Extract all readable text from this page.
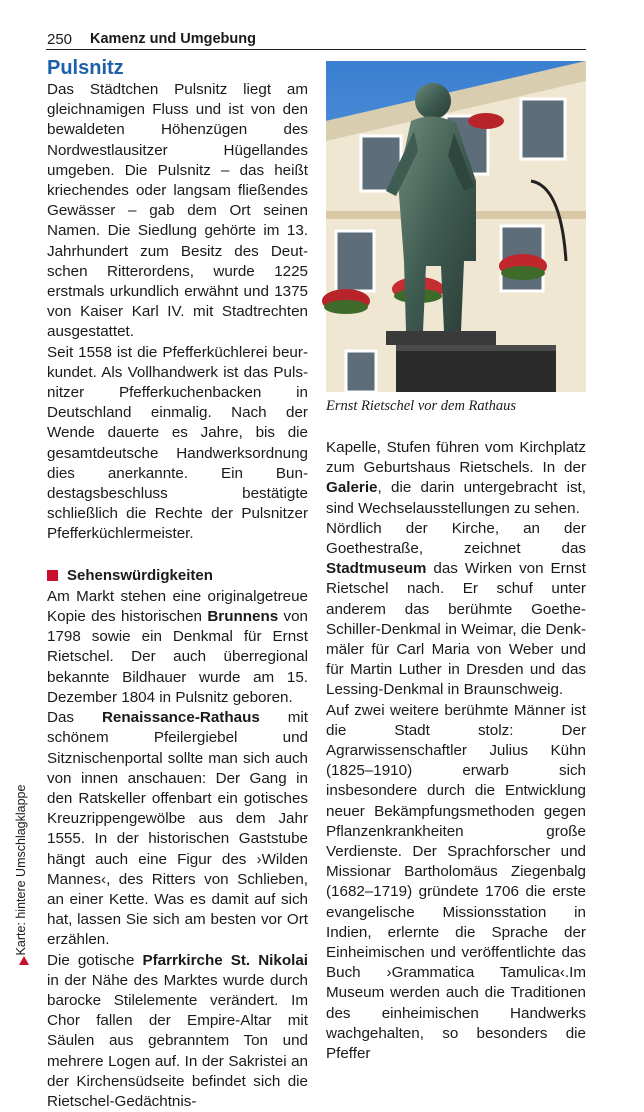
250 Kamenz und Umgebung
Pulsnitz

Das Städtchen Pulsnitz liegt am gleichnamigen Fluss und ist von den bewaldeten Höhenzügen des Nordwestlausitzer Hügellandes umgeben. Die Pulsnitz – das heißt kriechendes oder langsam fließendes Gewässer – gab dem Ort seinen Namen. Die Siedlung gehörte im 13. Jahrhundert zum Besitz des Deutschen Ritterordens, wurde 1225 erstmals urkundlich erwähnt und 1375 von Kaiser Karl IV. mit Stadtrechten ausgestattet.

Seit 1558 ist die Pfefferküchlerei beurkundet. Als Vollhandwerk ist das Pulsnitzer Pfefferkuchenbacken in Deutschland einmalig. Nach der Wende dauerte es Jahre, bis die gesamtdeutsche Handwerksordnung dies anerkannte. Ein Bundestagsbeschluss bestätigte schließlich die Rechte der Pulsnitzer Pfefferküchlermeister.

Sehenswürdigkeiten

Am Markt stehen eine originalgetreue Kopie des historischen Brunnens von 1798 sowie ein Denkmal für Ernst Rietschel. Der auch überregional bekannte Bildhauer wurde am 15. Dezember 1804 in Pulsnitz geboren.

Das Renaissance-Rathaus mit schönem Pfeilergiebel und Sitznischenportal sollte man sich auch von innen anschauen: Der Gang in den Ratskeller offenbart ein gotisches Kreuzrippengewölbe aus dem Jahr 1555. In der historischen Gaststube hängt auch eine Figur des ›Wilden Mannes‹, des Ritters von Schlieben, an einer Kette. Was es damit auf sich hat, lassen Sie sich am besten vor Ort erzählen.

Die gotische Pfarrkirche St. Nikolai in der Nähe des Marktes wurde durch barocke Stilelemente verändert. Im Chor fallen der Empire-Altar mit Säulen aus gebranntem Ton und mehrere Logen auf. In der Sakristei an der Kirchensüdseite befindet sich die Rietschel-Gedächtnis-

Ernst Rietschel vor dem Rathaus

Kapelle, Stufen führen vom Kirchplatz zum Geburtshaus Rietschels. In der Galerie, die darin untergebracht ist, sind Wechselausstellungen zu sehen.

Nördlich der Kirche, an der Goethestraße, zeichnet das Stadtmuseum das Wirken von Ernst Rietschel nach. Er schuf unter anderem das berühmte Goethe-Schiller-Denkmal in Weimar, die Denkmäler für Carl Maria von Weber und für Martin Luther in Dresden und das Lessing-Denkmal in Braunschweig.

Auf zwei weitere berühmte Männer ist die Stadt stolz: Der Agrarwissenschaftler Julius Kühn (1825–1910) erwarb sich insbesondere durch die Entwicklung neuer Bekämpfungsmethoden gegen Pflanzenkrankheiten große Verdienste. Der Sprachforscher und Missionar Bartholomäus Ziegenbalg (1682–1719) gründete 1706 die erste evangelische Missionsstation in Indien, erlernte die Sprache der Einheimischen und veröffentlichte das Buch ›Grammatica Tamulica‹.Im Museum werden auch die Traditionen des einheimischen Handwerks wachgehalten, so besonders die Pfeffer

Karte: hintere Umschlagklappe
